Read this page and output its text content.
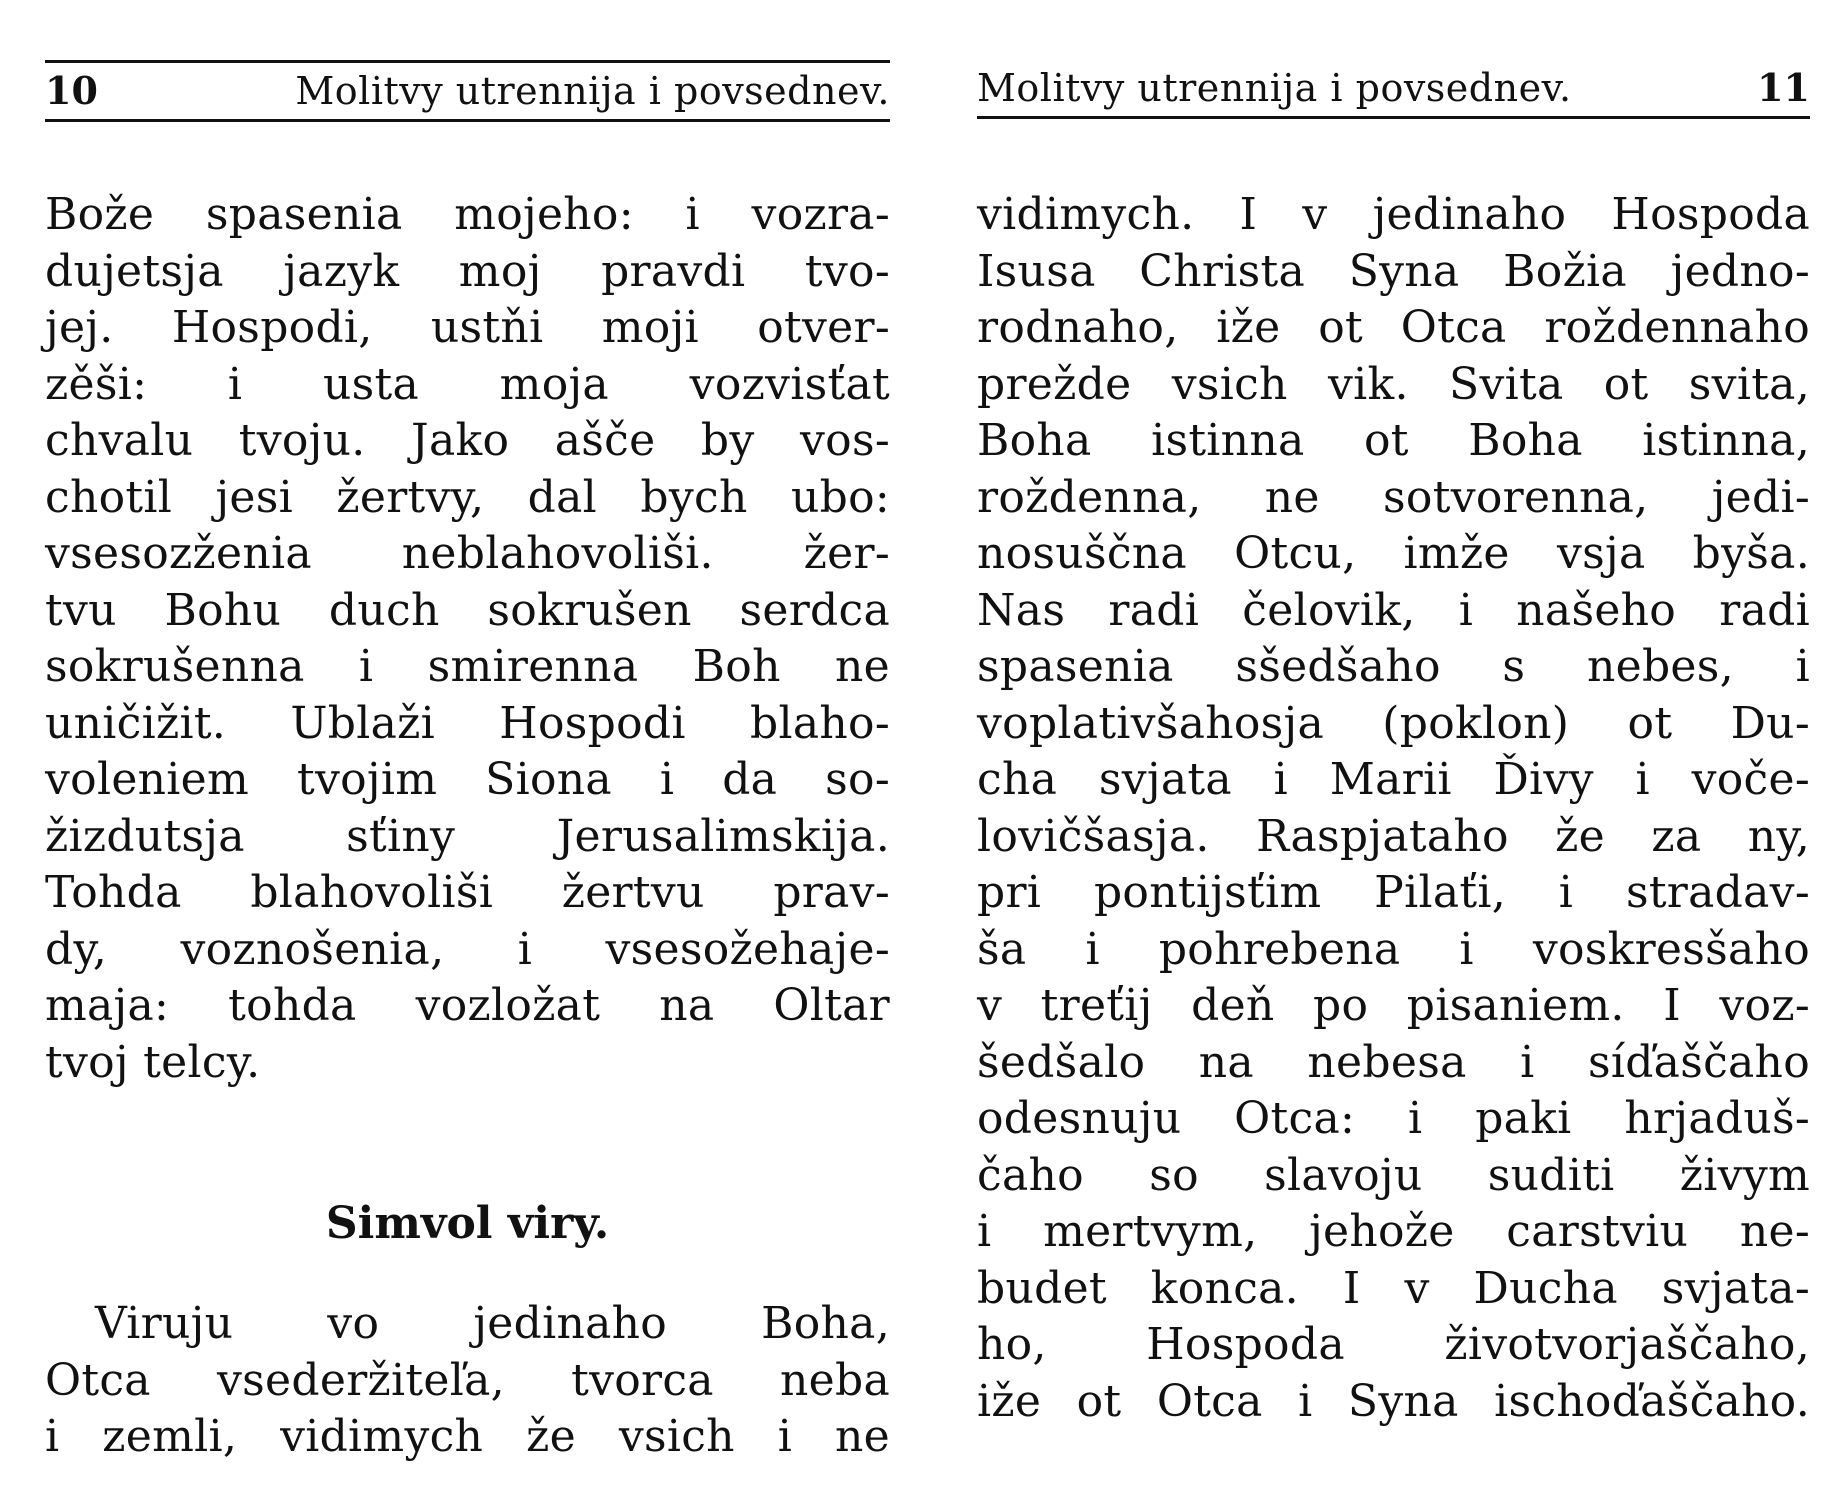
10	Molitvy utrennija i povsednev.
Bože spasenia mojeho: i vozra-
dujetsja jazyk moj pravdi tvo-
jej. Hospodi, ustňi moji otver-
zěši: i usta moja vozvisťat
chvalu tvoju. Jako ašče by vos-
chotil jesi žertvy, dal bych ubo:
vsesozženia neblahovoliši. žer-
tvu Bohu duch sokrušen serdca
sokrušenna i smirenna Boh ne
uničižit. Ublaži Hospodi blaho-
voleniem tvojim Siona i da so-
žizdutsja sťiny Jerusalimskija.
Tohda blahovoliši žertvu prav-
dy, voznošenia, i vsesožehaje-
maja: tohda vozložat na Oltar
tvoj telcy.
Simvol viry.
Viruju vo jedinaho Boha,
Otca vsederžiteľa, tvorca neba
i zemli, vidimych že vsich i ne
Molitvy utrennija i povsednev.	11
vidimych. I v jedinaho Hospoda
Isusa Christa Syna Božia jedno-
rodnaho, iže ot Otca roždennaho
prežde vsich vik. Svita ot svita,
Boha istinna ot Boha istinna,
roždenna, ne sotvorenna, jedi-
nosuščna Otcu, imže vsja byša.
Nas radi čelovik, i našeho radi
spasenia sšedšaho s nebes, i
voplativšahosja (poklon) ot Du-
cha svjata i Marii Ďivy i voče-
lovičšasja. Raspjataho že za ny,
pri pontijsťim Pilaťi, i stradav-
ša i pohrebena i voskresšaho
v treťij deň po pisaniem. I voz-
šedšalo na nebesa i síďaščaho
odesnuju Otca: i paki hrjaduš-
čaho so slavoju suditi živym
i mertvym, jehože carstviu ne-
budet konca. I v Ducha svjata-
ho, Hospoda životvorjaščaho,
iže ot Otca i Syna ischoďaščaho.
